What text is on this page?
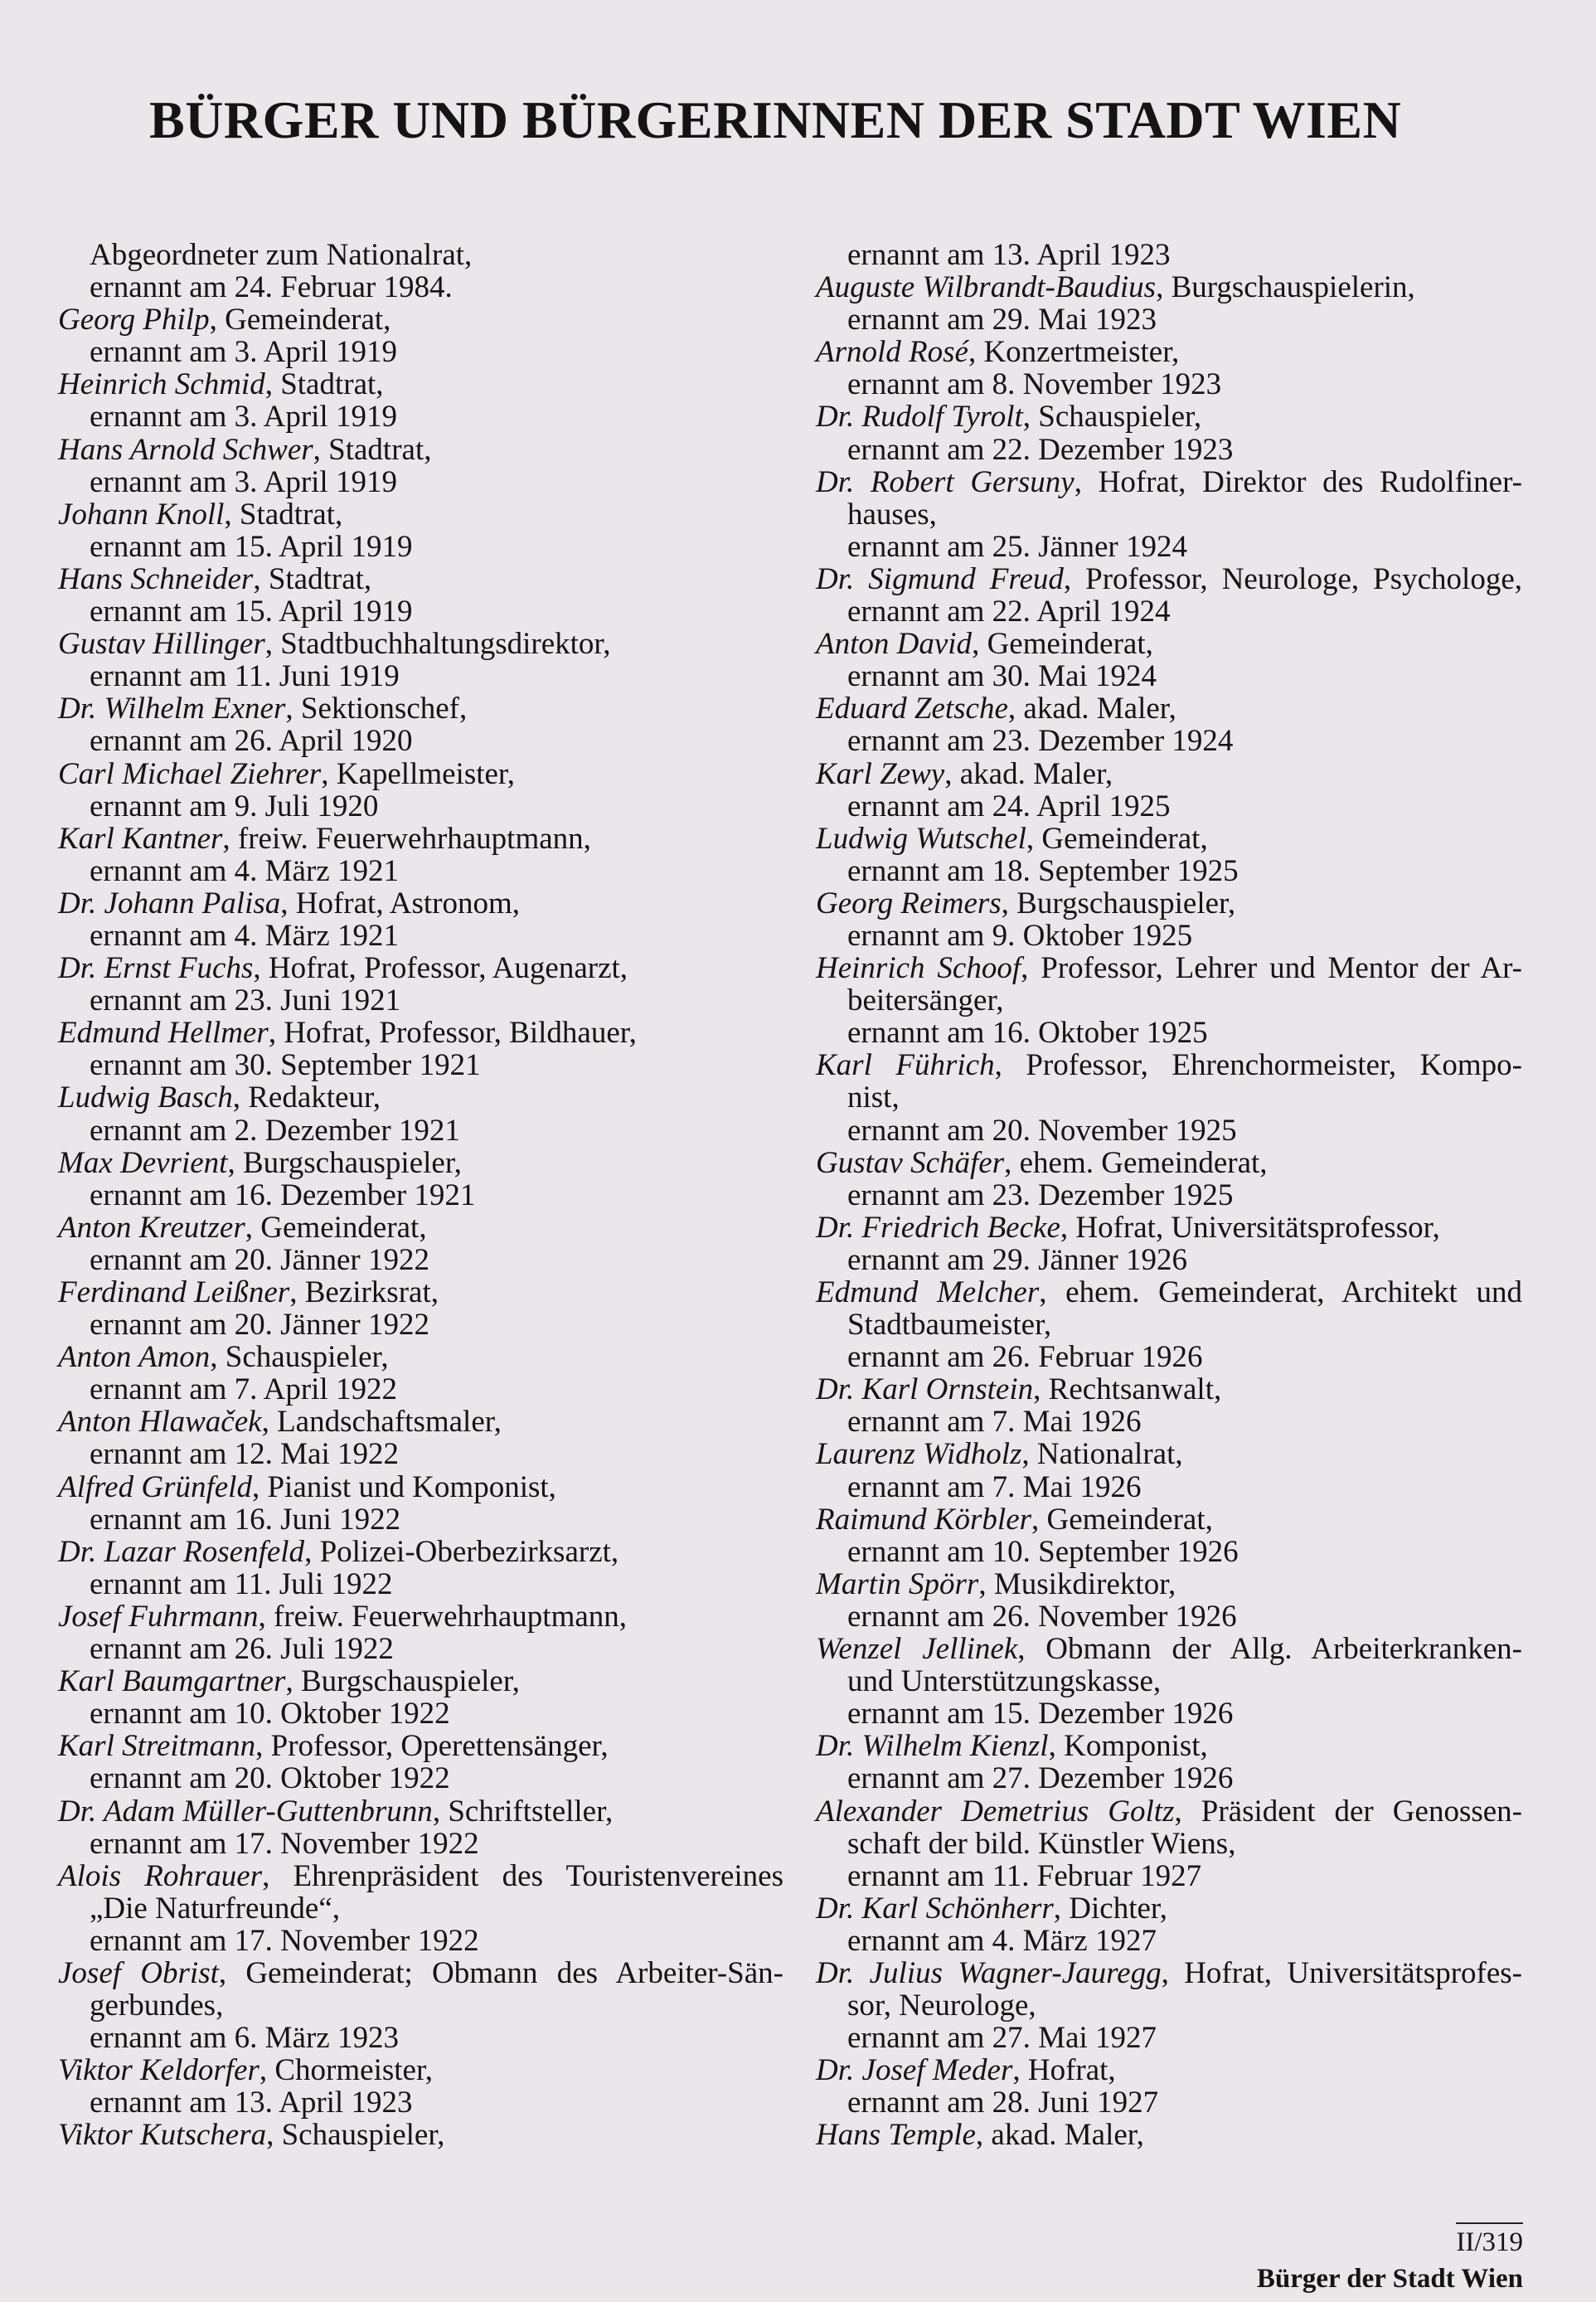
BÜRGER UND BÜRGERINNEN DER STADT WIEN
Abgeordneter zum Nationalrat,
ernannt am 24. Februar 1984.
Georg Philp, Gemeinderat,
ernannt am 3. April 1919
Heinrich Schmid, Stadtrat,
ernannt am 3. April 1919
Hans Arnold Schwer, Stadtrat,
ernannt am 3. April 1919
Johann Knoll, Stadtrat,
ernannt am 15. April 1919
Hans Schneider, Stadtrat,
ernannt am 15. April 1919
Gustav Hillinger, Stadtbuchhaltungsdirektor,
ernannt am 11. Juni 1919
Dr. Wilhelm Exner, Sektionschef,
ernannt am 26. April 1920
Carl Michael Ziehrer, Kapellmeister,
ernannt am 9. Juli 1920
Karl Kantner, freiw. Feuerwehrhauptmann,
ernannt am 4. März 1921
Dr. Johann Palisa, Hofrat, Astronom,
ernannt am 4. März 1921
Dr. Ernst Fuchs, Hofrat, Professor, Augenarzt,
ernannt am 23. Juni 1921
Edmund Hellmer, Hofrat, Professor, Bildhauer,
ernannt am 30. September 1921
Ludwig Basch, Redakteur,
ernannt am 2. Dezember 1921
Max Devrient, Burgschauspieler,
ernannt am 16. Dezember 1921
Anton Kreutzer, Gemeinderat,
ernannt am 20. Jänner 1922
Ferdinand Leißner, Bezirksrat,
ernannt am 20. Jänner 1922
Anton Amon, Schauspieler,
ernannt am 7. April 1922
Anton Hlawaček, Landschaftsmaler,
ernannt am 12. Mai 1922
Alfred Grünfeld, Pianist und Komponist,
ernannt am 16. Juni 1922
Dr. Lazar Rosenfeld, Polizei-Oberbezirksarzt,
ernannt am 11. Juli 1922
Josef Fuhrmann, freiw. Feuerwehrhauptmann,
ernannt am 26. Juli 1922
Karl Baumgartner, Burgschauspieler,
ernannt am 10. Oktober 1922
Karl Streitmann, Professor, Operettensänger,
ernannt am 20. Oktober 1922
Dr. Adam Müller-Guttenbrunn, Schriftsteller,
ernannt am 17. November 1922
Alois Rohrauer, Ehrenpräsident des Touristenvereines
„Die Naturfreunde“,
ernannt am 17. November 1922
Josef Obrist, Gemeinderat; Obmann des Arbeiter-Sän-
gerbundes,
ernannt am 6. März 1923
Viktor Keldorfer, Chormeister,
ernannt am 13. April 1923
Viktor Kutschera, Schauspieler,
ernannt am 13. April 1923
Auguste Wilbrandt-Baudius, Burgschauspielerin,
ernannt am 29. Mai 1923
Arnold Rosé, Konzertmeister,
ernannt am 8. November 1923
Dr. Rudolf Tyrolt, Schauspieler,
ernannt am 22. Dezember 1923
Dr. Robert Gersuny, Hofrat, Direktor des Rudolfiner-
hauses,
ernannt am 25. Jänner 1924
Dr. Sigmund Freud, Professor, Neurologe, Psychologe,
ernannt am 22. April 1924
Anton David, Gemeinderat,
ernannt am 30. Mai 1924
Eduard Zetsche, akad. Maler,
ernannt am 23. Dezember 1924
Karl Zewy, akad. Maler,
ernannt am 24. April 1925
Ludwig Wutschel, Gemeinderat,
ernannt am 18. September 1925
Georg Reimers, Burgschauspieler,
ernannt am 9. Oktober 1925
Heinrich Schoof, Professor, Lehrer und Mentor der Ar-
beitersänger,
ernannt am 16. Oktober 1925
Karl Führich, Professor, Ehrenchormeister, Kompo-
nist,
ernannt am 20. November 1925
Gustav Schäfer, ehem. Gemeinderat,
ernannt am 23. Dezember 1925
Dr. Friedrich Becke, Hofrat, Universitätsprofessor,
ernannt am 29. Jänner 1926
Edmund Melcher, ehem. Gemeinderat, Architekt und
Stadtbaumeister,
ernannt am 26. Februar 1926
Dr. Karl Ornstein, Rechtsanwalt,
ernannt am 7. Mai 1926
Laurenz Widholz, Nationalrat,
ernannt am 7. Mai 1926
Raimund Körbler, Gemeinderat,
ernannt am 10. September 1926
Martin Spörr, Musikdirektor,
ernannt am 26. November 1926
Wenzel Jellinek, Obmann der Allg. Arbeiterkranken-
und Unterstützungskasse,
ernannt am 15. Dezember 1926
Dr. Wilhelm Kienzl, Komponist,
ernannt am 27. Dezember 1926
Alexander Demetrius Goltz, Präsident der Genossen-
schaft der bild. Künstler Wiens,
ernannt am 11. Februar 1927
Dr. Karl Schönherr, Dichter,
ernannt am 4. März 1927
Dr. Julius Wagner-Jauregg, Hofrat, Universitätsprofes-
sor, Neurologe,
ernannt am 27. Mai 1927
Dr. Josef Meder, Hofrat,
ernannt am 28. Juni 1927
Hans Temple, akad. Maler,
II/319
Bürger der Stadt Wien
